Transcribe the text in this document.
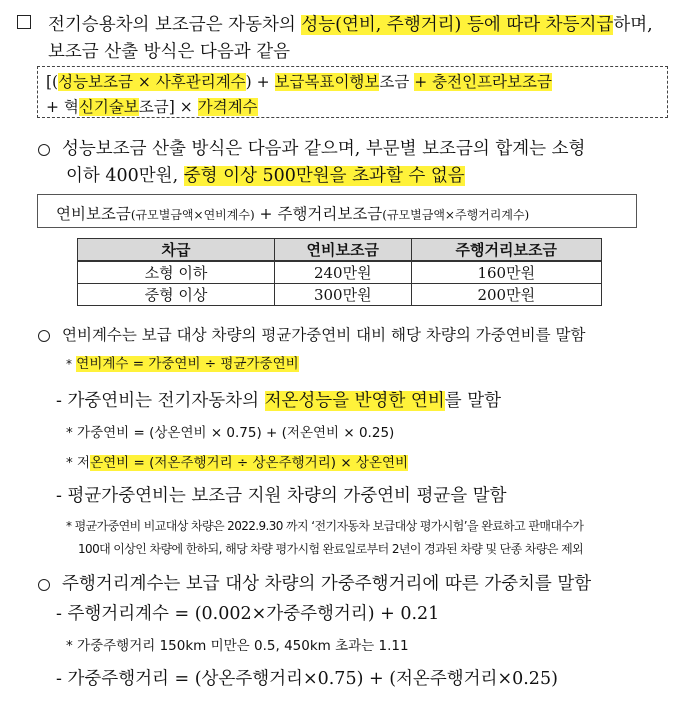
전기승용차의 보조금은 자동차의 성능(연비, 주행거리) 등에 따라 차등지급하며,
보조금 산출 방식은 다음과 같음
[(성능보조금 × 사후관리계수) + 보급목표이행보조금 + 충전인프라보조금
+ 혁신기술보조금] × 가격계수
성능보조금 산출 방식은 다음과 같으며, 부문별 보조금의 합계는 소형
이하 400만원, 중형 이상 500만원을 초과할 수 없음
연비보조금(규모별금액×연비계수) + 주행거리보조금(규모별금액×주행거리계수)
차급	연비보조금	주행거리보조금
소형 이하	240만원	160만원
중형 이상	300만원	200만원
연비계수는 보급 대상 차량의 평균가중연비 대비 해당 차량의 가중연비를 말함
* 연비계수 = 가중연비 ÷ 평균가중연비
- 가중연비는 전기자동차의 저온성능을 반영한 연비를 말함
* 가중연비 = (상온연비 × 0.75) + (저온연비 × 0.25)
* 저온연비 = (저온주행거리 ÷ 상온주행거리) × 상온연비
- 평균가중연비는 보조금 지원 차량의 가중연비 평균을 말함
* 평균가중연비 비교대상 차량은 2022.9.30 까지 ‘전기자동차 보급대상 평가시험’을 완료하고 판매대수가
100대 이상인 차량에 한하되, 해당 차량 평가시험 완료일로부터 2년이 경과된 차량 및 단종 차량은 제외
주행거리계수는 보급 대상 차량의 가중주행거리에 따른 가중치를 말함
- 주행거리계수 = (0.002×가중주행거리) + 0.21
* 가중주행거리 150km 미만은 0.5, 450km 초과는 1.11
- 가중주행거리 = (상온주행거리×0.75) + (저온주행거리×0.25)
